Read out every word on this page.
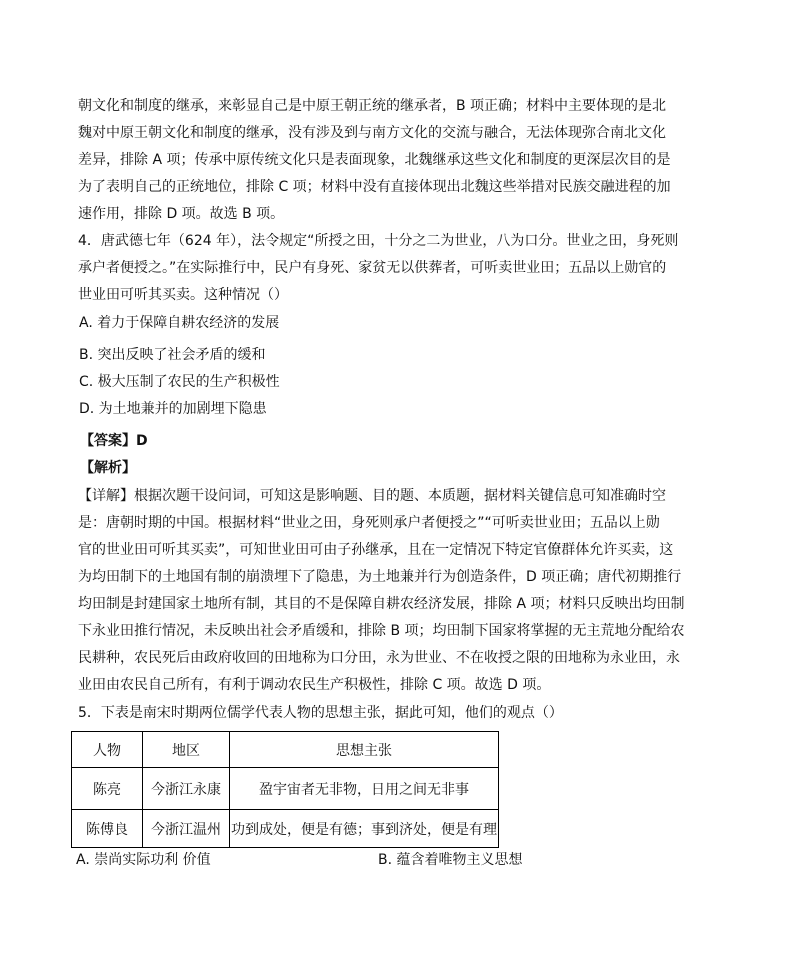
朝文化和制度的继承，来彰显自己是中原王朝正统的继承者，B 项正确；材料中主要体现的是北
魏对中原王朝文化和制度的继承，没有涉及到与南方文化的交流与融合，无法体现弥合南北文化
差异，排除 A 项；传承中原传统文化只是表面现象，北魏继承这些文化和制度的更深层次目的是
为了表明自己的正统地位，排除 C 项；材料中没有直接体现出北魏这些举措对民族交融进程的加
速作用，排除 D 项。故选 B 项。
4．唐武德七年（624 年），法令规定“所授之田，十分之二为世业，八为口分。世业之田，身死则
承户者便授之。”在实际推行中，民户有身死、家贫无以供葬者，可听卖世业田；五品以上勋官的
世业田可听其买卖。这种情况（）
A. 着力于保障自耕农经济的发展
B. 突出反映了社会矛盾的缓和
C. 极大压制了农民的生产积极性
D. 为土地兼并的加剧埋下隐患
【答案】D
【解析】
【详解】根据次题干设问词，可知这是影响题、目的题、本质题，据材料关键信息可知准确时空
是：唐朝时期的中国。根据材料“世业之田，身死则承户者便授之”“可听卖世业田；五品以上勋
官的世业田可听其买卖”，可知世业田可由子孙继承，且在一定情况下特定官僚群体允许买卖，这
为均田制下的土地国有制的崩溃埋下了隐患，为土地兼并行为创造条件，D 项正确；唐代初期推行
均田制是封建国家土地所有制，其目的不是保障自耕农经济发展，排除 A 项；材料只反映出均田制
下永业田推行情况，未反映出社会矛盾缓和，排除 B 项；均田制下国家将掌握的无主荒地分配给农
民耕种，农民死后由政府收回的田地称为口分田，永为世业、不在收授之限的田地称为永业田，永
业田由农民自己所有，有利于调动农民生产积极性，排除 C 项。故选 D 项。
5．下表是南宋时期两位儒学代表人物的思想主张，据此可知，他们的观点（）
人物	地区	思想主张
陈亮	今浙江永康	盈宇宙者无非物，日用之间无非事
陈傅良	今浙江温州	功到成处，便是有德；事到济处，便是有理
A. 崇尚实际功利 价值	B. 蕴含着唯物主义思想
